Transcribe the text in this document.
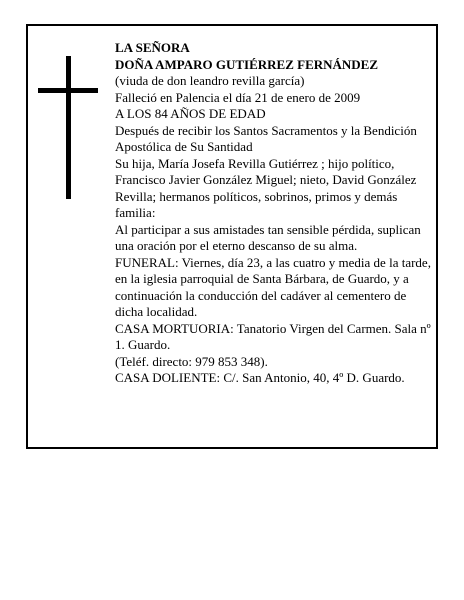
LA SEÑORA

DOÑA AMPARO GUTIÉRREZ FERNÁNDEZ

(viuda de don leandro revilla garcía)

Falleció en Palencia el día 21 de enero de 2009

A LOS 84 AÑOS DE EDAD

Después de recibir los Santos Sacramentos y la Bendición Apostólica de Su Santidad

Su hija, María Josefa Revilla Gutiérrez ; hijo político, Francisco Javier González Miguel; nieto, David González Revilla; hermanos políticos, sobrinos, primos y demás familia:

Al participar a sus amistades tan sensible pérdida, suplican una oración por el eterno descanso de su alma.

FUNERAL: Viernes, día 23, a las cuatro y media de la tarde, en la iglesia parroquial de Santa Bárbara, de Guardo, y a continuación la conducción del cadáver al cementero de dicha localidad.

CASA MORTUORIA: Tanatorio Virgen del Carmen. Sala nº 1. Guardo.

(Teléf. directo: 979 853 348).

CASA DOLIENTE: C/. San Antonio, 40, 4º D. Guardo.
